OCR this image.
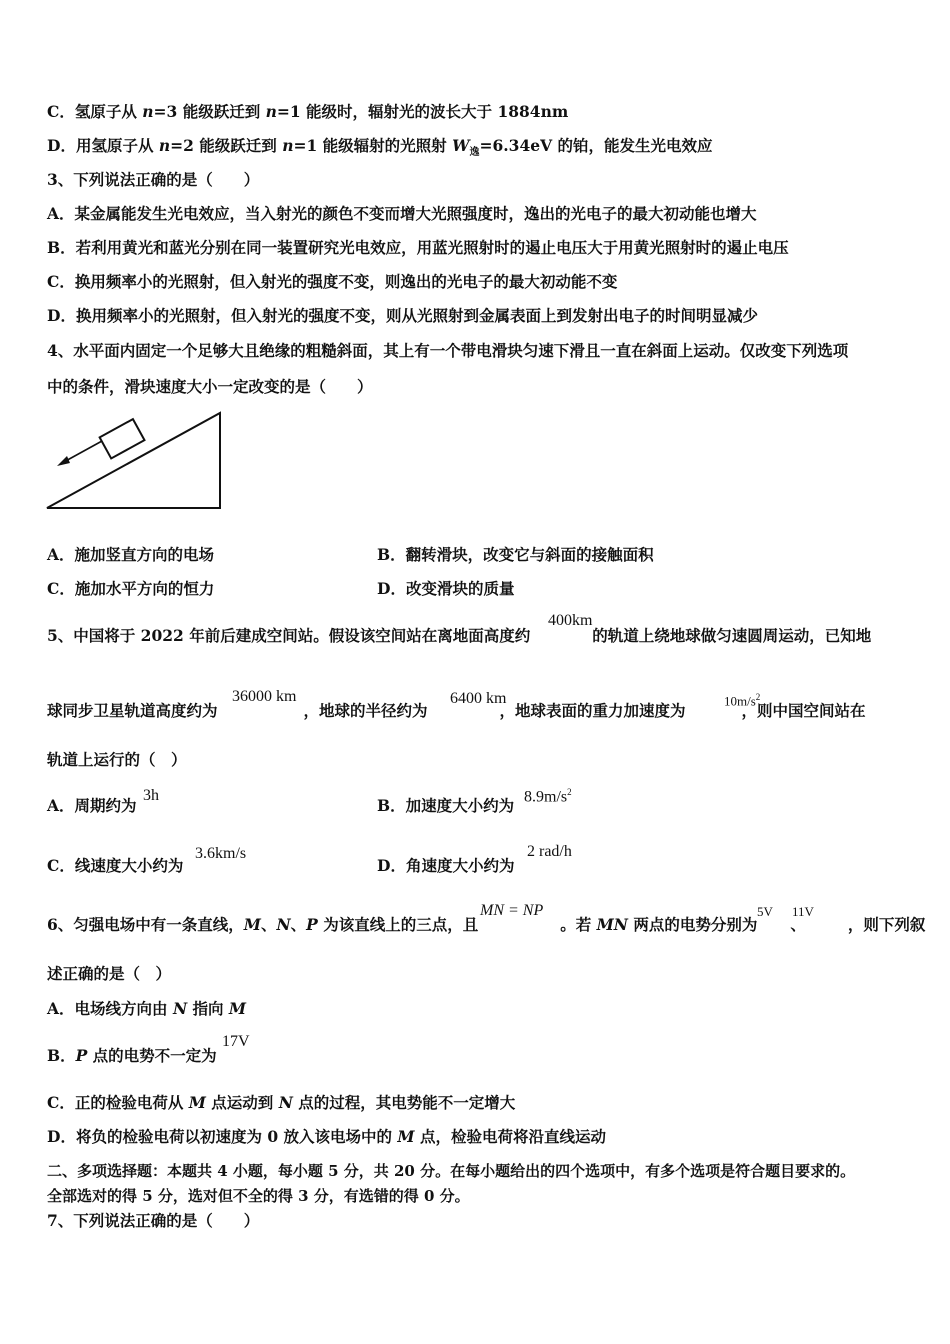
C．氢原子从 n=3 能级跃迁到 n=1 能级时，辐射光的波长大于 1884nm
D．用氢原子从 n=2 能级跃迁到 n=1 能级辐射的光照射 $W_逸=6.34eV$ 的铂，能发生光电效应
3、下列说法正确的是（　　）
A．某金属能发生光电效应，当入射光的颜色不变而增大光照强度时，逸出的光电子的最大初动能也增大
B．若利用黄光和蓝光分别在同一装置研究光电效应，用蓝光照射时的遏止电压大于用黄光照射时的遏止电压
C．换用频率小的光照射，但入射光的强度不变，则逸出的光电子的最大初动能不变
D．换用频率小的光照射，但入射光的强度不变，则从光照射到金属表面上到发射出电子的时间明显减少
4、水平面内固定一个足够大且绝缘的粗糙斜面，其上有一个带电滑块匀速下滑且一直在斜面上运动。仅改变下列选项
中的条件，滑块速度大小一定改变的是（　　）
A．施加竖直方向的电场	B．翻转滑块，改变它与斜面的接触面积
C．施加水平方向的恒力	D．改变滑块的质量
5、中国将于 2022 年前后建成空间站。假设该空间站在离地面高度约	的轨道上绕地球做匀速圆周运动，已知地
400km
球同步卫星轨道高度约为	，地球的半径约为	，地球表面的重力加速度为	，则中国空间站在
36000 km	6400 km	$10m/s^2$
轨道上运行的（　）
A．周期约为
3h
B．加速度大小约为 $8.9m/s^2$
C．线速度大小约为
3.6km/s
D．角速度大小约为
2 rad/h
6、匀强电场中有一条直线，M、N、P 为该直线上的三点，且	。若 MN 两点的电势分别为 、	，则下列叙
MN = NP	5V 11V
述正确的是（　）
A．电场线方向由 N 指向 M
B．P 点的电势不一定为
17V
C．正的检验电荷从 M 点运动到 N 点的过程，其电势能不一定增大
D．将负的检验电荷以初速度为 0 放入该电场中的 M 点，检验电荷将沿直线运动
二、多项选择题：本题共 4 小题，每小题 5 分，共 20 分。在每小题给出的四个选项中，有多个选项是符合题目要求的。
全部选对的得 5 分，选对但不全的得 3 分，有选错的得 0 分。
7、下列说法正确的是（　　）
